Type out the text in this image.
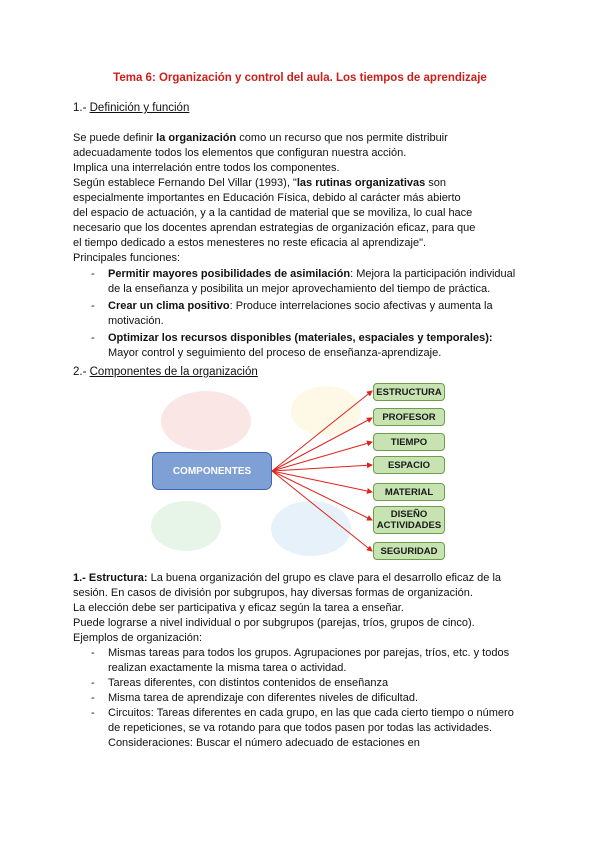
Tema 6: Organización y control del aula. Los tiempos de aprendizaje
1.- Definición y función

Se puede definir la organización como un recurso que nos permite distribuir

adecuadamente todos los elementos que configuran nuestra acción.

Implica una interrelación entre todos los componentes.

Según establece Fernando Del Villar (1993), "las rutinas organizativas son

especialmente importantes en Educación Física, debido al carácter más abierto

del espacio de actuación, y a la cantidad de material que se moviliza, lo cual hace

necesario que los docentes aprendan estrategias de organización eficaz, para que

el tiempo dedicado a estos menesteres no reste eficacia al aprendizaje".

Principales funciones:

- Permitir mayores posibilidades de asimilación: Mejora la participación individual

de la enseñanza y posibilita un mejor aprovechamiento del tiempo de práctica.

- Crear un clima positivo: Produce interrelaciones socio afectivas y aumenta la

motivación.

- Optimizar los recursos disponibles (materiales, espaciales y temporales):

Mayor control y seguimiento del proceso de enseñanza-aprendizaje.

2.- Componentes de la organización
COMPONENTES
ESTRUCTURA
PROFESOR
TIEMPO
ESPACIO
MATERIAL
DISEÑO
ACTIVIDADES
SEGURIDAD

1.- Estructura: La buena organización del grupo es clave para el desarrollo eficaz de la

sesión. En casos de división por subgrupos, hay diversas formas de organización.

La elección debe ser participativa y eficaz según la tarea a enseñar.

Puede lograrse a nivel individual o por subgrupos (parejas, tríos, grupos de cinco).

Ejemplos de organización:

- Mismas tareas para todos los grupos. Agrupaciones por parejas, tríos, etc. y todos

realizan exactamente la misma tarea o actividad.

- Tareas diferentes, con distintos contenidos de enseñanza

- Misma tarea de aprendizaje con diferentes niveles de dificultad.

- Circuitos: Tareas diferentes en cada grupo, en las que cada cierto tiempo o número

de repeticiones, se va rotando para que todos pasen por todas las actividades.

Consideraciones: Buscar el número adecuado de estaciones en
